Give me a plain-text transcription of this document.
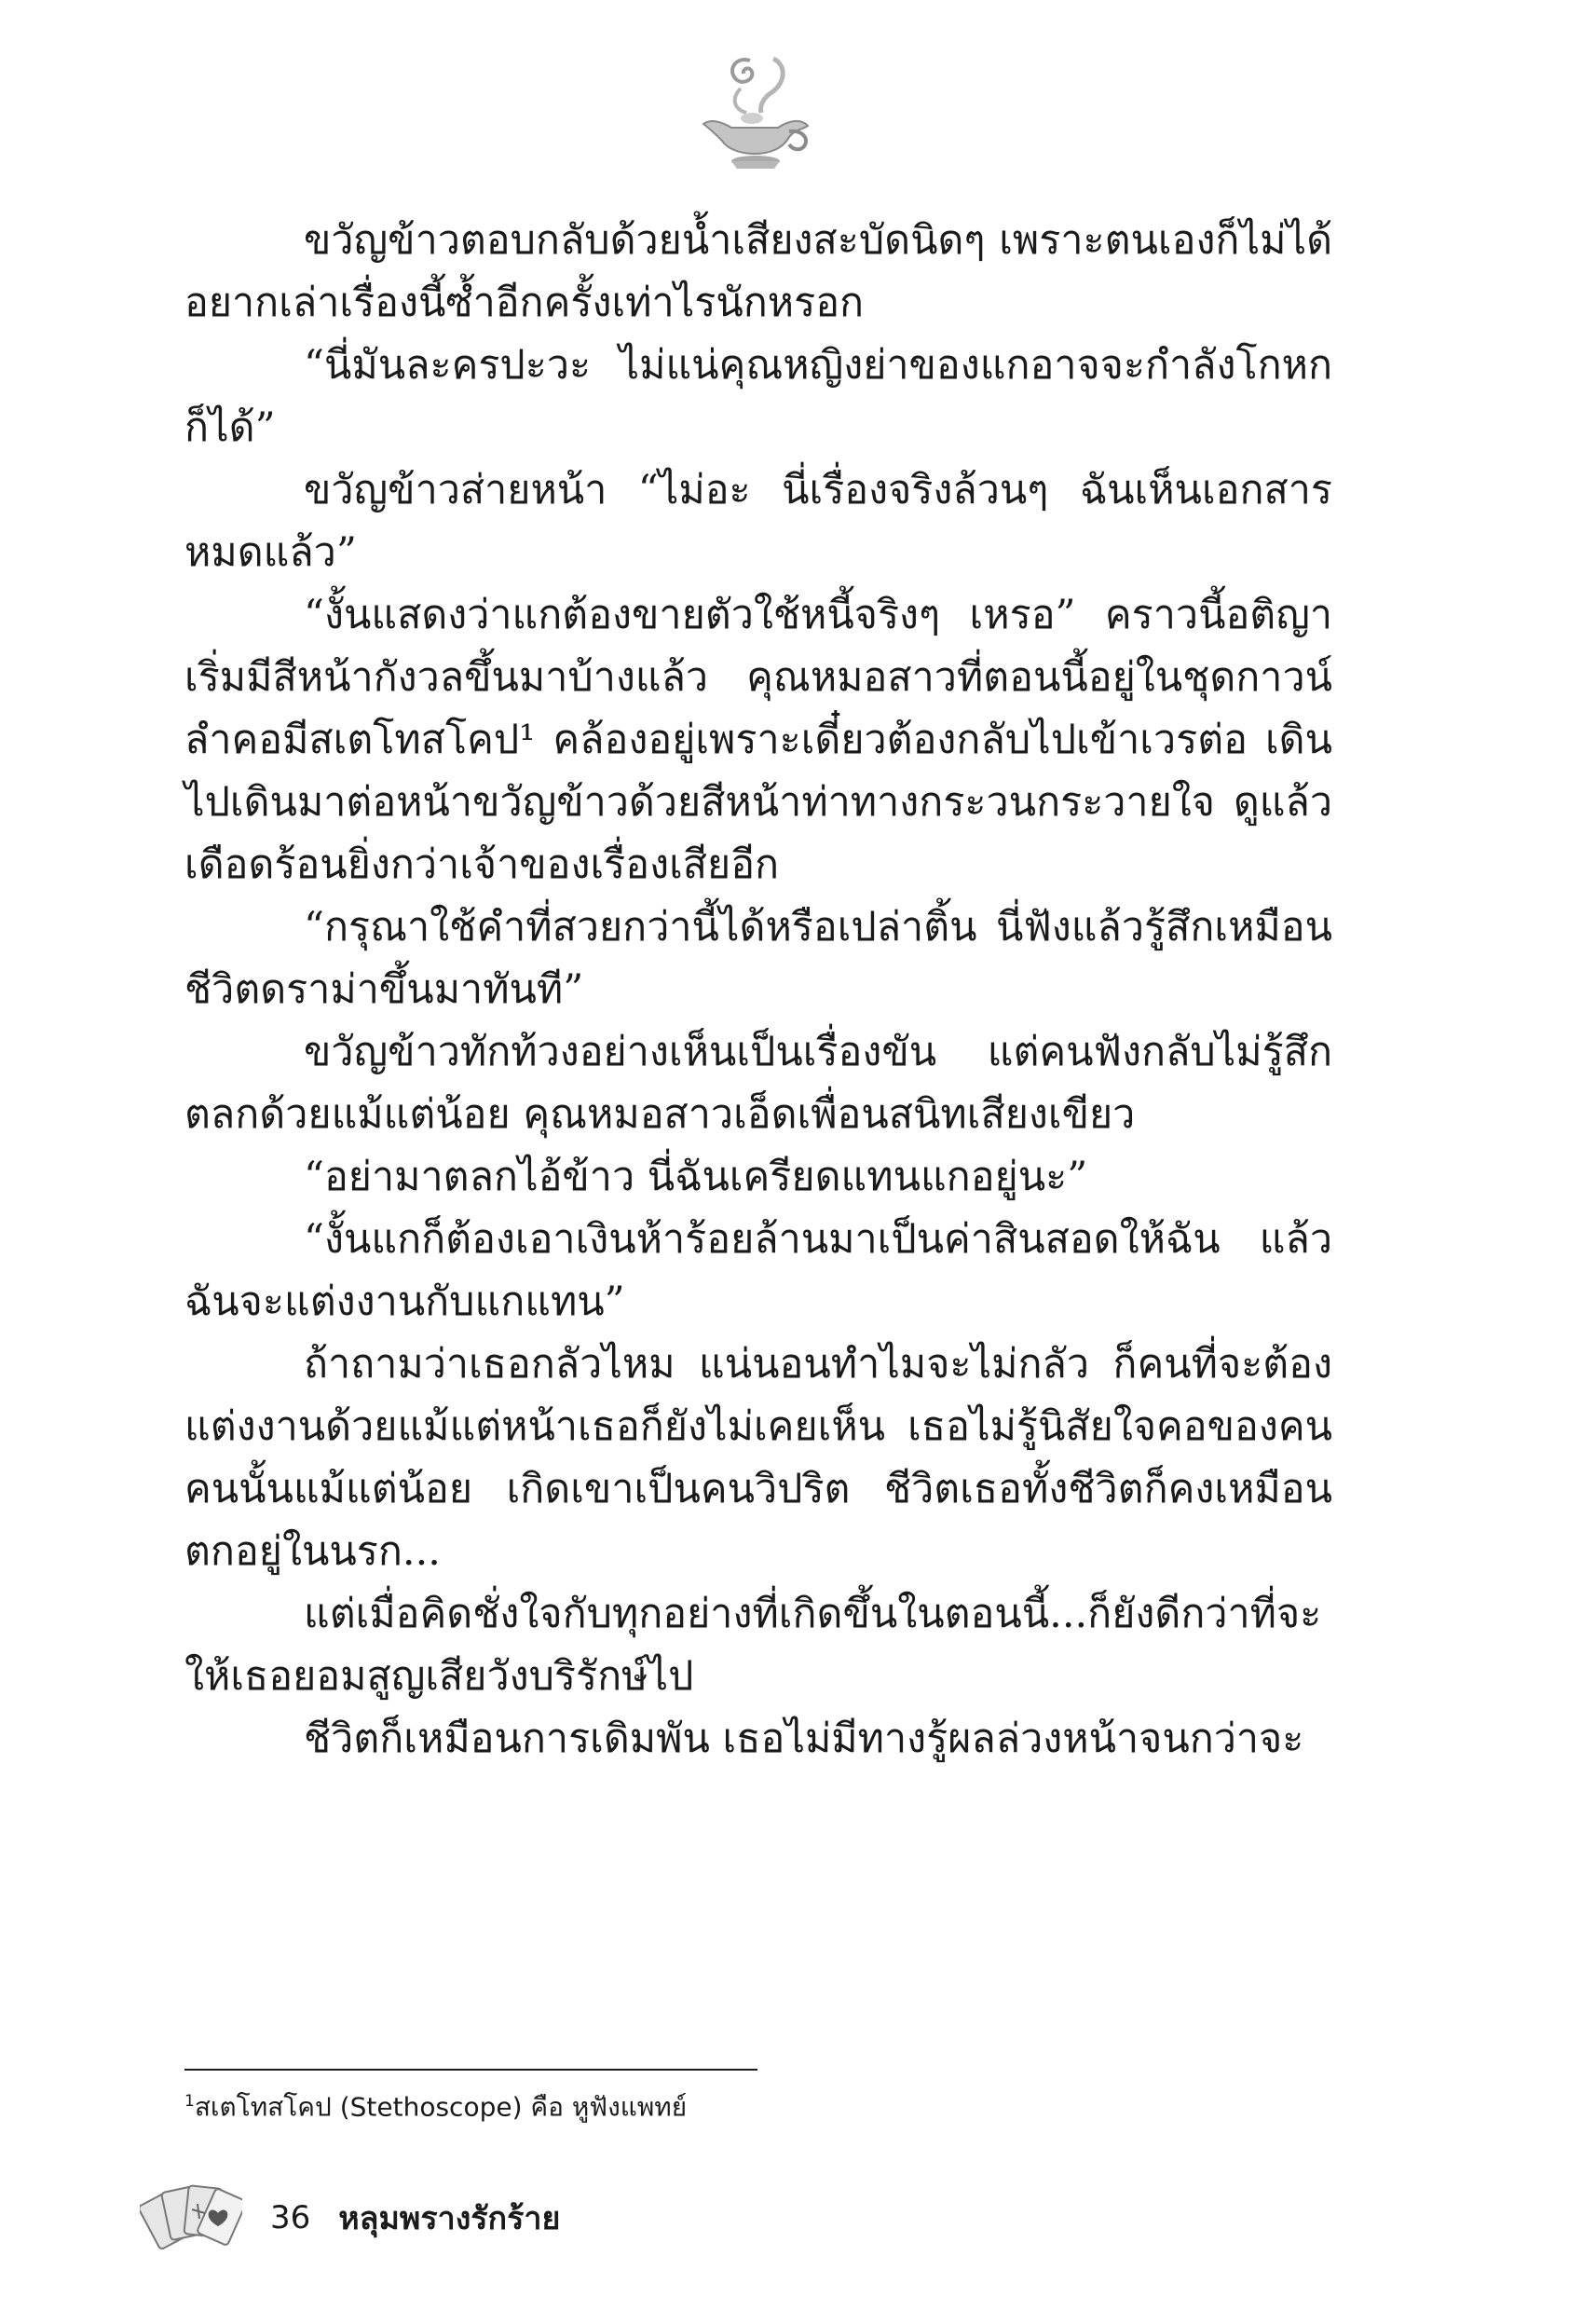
ขวัญข้าวตอบกลับด้วยน้ำเสียงสะบัดนิดๆ เพราะตนเองก็ไม่ได้อยากเล่าเรื่องนี้ซ้ำอีกครั้งเท่าไรนักหรอก

“นี่มันละครปะวะ ไม่แน่คุณหญิงย่าของแกอาจจะกำลังโกหกก็ได้”

ขวัญข้าวส่ายหน้า “ไม่อะ นี่เรื่องจริงล้วนๆ ฉันเห็นเอกสารหมดแล้ว”

“งั้นแสดงว่าแกต้องขายตัวใช้หนี้จริงๆ เหรอ” คราวนี้อติญาเริ่มมีสีหน้ากังวลขึ้นมาบ้างแล้ว คุณหมอสาวที่ตอนนี้อยู่ในชุดกาวน์ ลำคอมีสเตโทสโคป¹ คล้องอยู่เพราะเดี๋ยวต้องกลับไปเข้าเวรต่อ เดินไปเดินมาต่อหน้าขวัญข้าวด้วยสีหน้าท่าทางกระวนกระวายใจ ดูแล้วเดือดร้อนยิ่งกว่าเจ้าของเรื่องเสียอีก

“กรุณาใช้คำที่สวยกว่านี้ได้หรือเปล่าติ้น นี่ฟังแล้วรู้สึกเหมือนชีวิตดราม่าขึ้นมาทันที”

ขวัญข้าวทักท้วงอย่างเห็นเป็นเรื่องขัน แต่คนฟังกลับไม่รู้สึกตลกด้วยแม้แต่น้อย คุณหมอสาวเอ็ดเพื่อนสนิทเสียงเขียว

“อย่ามาตลกไอ้ข้าว นี่ฉันเครียดแทนแกอยู่นะ”

“งั้นแกก็ต้องเอาเงินห้าร้อยล้านมาเป็นค่าสินสอดให้ฉัน แล้วฉันจะแต่งงานกับแกแทน”

ถ้าถามว่าเธอกลัวไหม แน่นอนทำไมจะไม่กลัว ก็คนที่จะต้องแต่งงานด้วยแม้แต่หน้าเธอก็ยังไม่เคยเห็น เธอไม่รู้นิสัยใจคอของคนคนนั้นแม้แต่น้อย เกิดเขาเป็นคนวิปริต ชีวิตเธอทั้งชีวิตก็คงเหมือนตกอยู่ในนรก...

แต่เมื่อคิดชั่งใจกับทุกอย่างที่เกิดขึ้นในตอนนี้...ก็ยังดีกว่าที่จะให้เธอยอมสูญเสียวังบริรักษ์ไป

ชีวิตก็เหมือนการเดิมพัน เธอไม่มีทางรู้ผลล่วงหน้าจนกว่าจะ

$^1$สเตโทสโคป (Stethoscope) คือ หูฟังแพทย์
36 หลุมพรางรักร้าย
